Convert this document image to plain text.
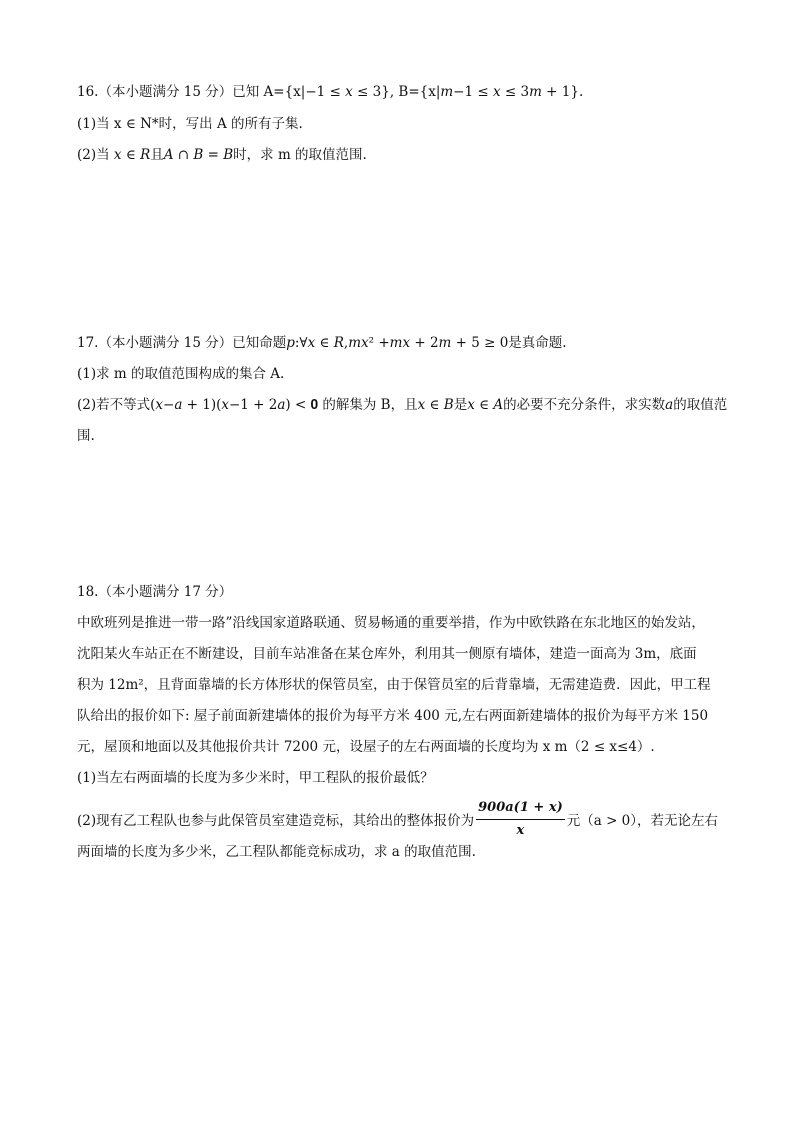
16.（本小题满分 15 分）已知 A={x|−1 ≤ 𝑥 ≤ 3}, B={x|𝑚−1 ≤ 𝑥 ≤ 3𝑚 + 1}.
(1)当 x ∈ N*时，写出 A 的所有子集.
(2)当 𝑥 ∈ 𝑅且𝐴 ∩ 𝐵 = 𝐵时，求 m 的取值范围.
17.（本小题满分 15 分）已知命题𝑝:∀𝑥 ∈ 𝑅,𝑚𝑥² +𝑚𝑥 + 2𝑚 + 5 ≥ 0是真命题.
(1)求 m 的取值范围构成的集合 A.
(2)若不等式(𝑥−𝑎 + 1)(𝑥−1 + 2𝑎) < 𝟎 的解集为 B，且𝑥 ∈ 𝐵是𝑥 ∈ 𝐴的必要不充分条件，求实数𝑎的取值范
围.
18.（本小题满分 17 分）
中欧班列是推进一带一路”沿线国家道路联通、贸易畅通的重要举措，作为中欧铁路在东北地区的始发站，
沈阳某火车站正在不断建设，目前车站准备在某仓库外，利用其一侧原有墙体，建造一面高为 3m，底面
积为 12m²，且背面靠墙的长方体形状的保管员室，由于保管员室的后背靠墙，无需建造费．因此，甲工程
队给出的报价如下: 屋子前面新建墙体的报价为每平方米 400 元,左右两面新建墙体的报价为每平方米 150
元，屋顶和地面以及其他报价共计 7200 元，设屋子的左右两面墙的长度均为 x m（2 ≤ x≤4）.
(1)当左右两面墙的长度为多少米时，甲工程队的报价最低？
(2)现有乙工程队也参与此保管员室建造竞标，其给出的整体报价为 $\frac{900a(1 + x)}{x}$ 元（a > 0），若无论左右
两面墙的长度为多少米，乙工程队都能竞标成功，求 a 的取值范围.
